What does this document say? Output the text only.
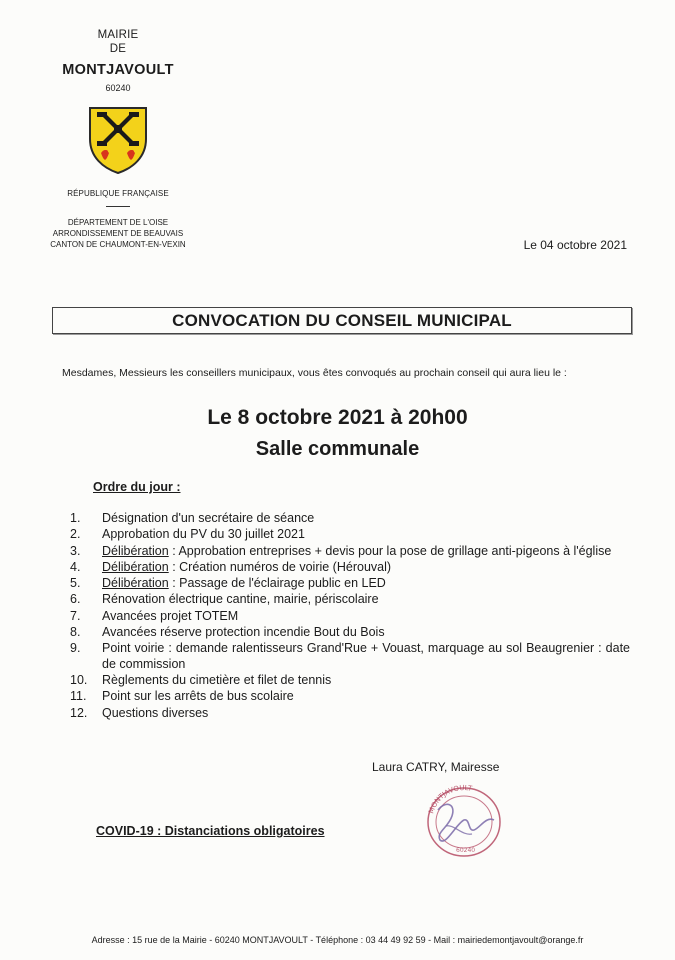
MAIRIE
DE
MONTJAVOULT
60240
RÉPUBLIQUE FRANÇAISE
DÉPARTEMENT DE L'OISE
ARRONDISSEMENT DE BEAUVAIS
CANTON DE CHAUMONT-EN-VEXIN	Le 04 octobre 2021
CONVOCATION DU CONSEIL MUNICIPAL
Mesdames, Messieurs les conseillers municipaux, vous êtes convoqués au prochain conseil qui aura lieu le :
Le 8 octobre 2021 à 20h00
Salle communale
Ordre du jour :
1.	Désignation d'un secrétaire de séance
2.	Approbation du PV du 30 juillet 2021
3.	Délibération : Approbation entreprises + devis pour la pose de grillage anti-pigeons à l'église
4.	Délibération : Création numéros de voirie (Hérouval)
5.	Délibération : Passage de l'éclairage public en LED
6.	Rénovation électrique cantine, mairie, périscolaire
7.	Avancées projet TOTEM
8.	Avancées réserve protection incendie Bout du Bois
9.	Point voirie : demande ralentisseurs Grand'Rue + Vouast, marquage au sol Beaugrenier : date de commission
10.	Règlements du cimetière et filet de tennis
11.	Point sur les arrêts de bus scolaire
12.	Questions diverses
Laura CATRY, Mairesse
MONTJAVOULT
60240
COVID-19 : Distanciations obligatoires
Adresse : 15 rue de la Mairie - 60240 MONTJAVOULT - Téléphone : 03 44 49 92 59 - Mail : mairiedemontjavoult@orange.fr
